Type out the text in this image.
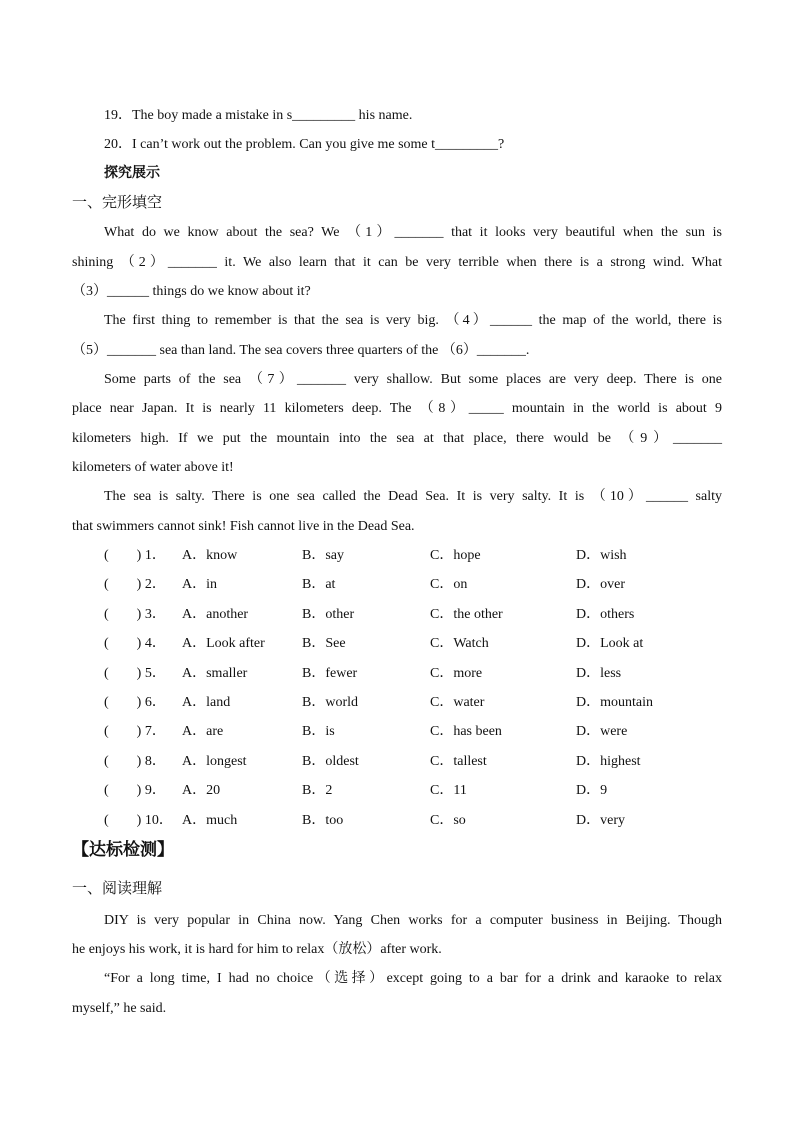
19．The boy made a mistake in s_________ his name.
20．I can’t work out the problem. Can you give me some t_________?
探究展示
一、完形填空
What do we know about the sea? We （1）_______ that it looks very beautiful when the sun is
shining （2）_______ it. We also learn that it can be very terrible when there is a strong wind. What
（3）______ things do we know about it?
The first thing to remember is that the sea is very big. （4）______ the map of the world, there is
（5）_______ sea than land. The sea covers three quarters of the （6）_______.
Some parts of the sea （7）_______ very shallow. But some places are very deep. There is one
place near Japan. It is nearly 11 kilometers deep. The （8）_____ mountain in the world is about 9
kilometers high. If we put the mountain into the sea at that place, there would be （9）_______
kilometers of water above it!
The sea is salty. There is one sea called the Dead Sea. It is very salty. It is （10）______ salty
that swimmers cannot sink! Fish cannot live in the Dead Sea.
(　　) 1． A．know	B．say	C．hope	D．wish
(　　) 2． A．in	B．at	C．on	D．over
(　　) 3． A．another	B．other	C．the other	D．others
(　　) 4． A．Look after	B．See	C．Watch	D．Look at
(　　) 5． A．smaller	B．fewer	C．more	D．less
(　　) 6． A．land	B．world	C．water	D．mountain
(　　) 7． A．are	B．is	C．has been	D．were
(　　) 8． A．longest	B．oldest	C．tallest	D．highest
(　　) 9． A．20	B．2	C．11	D．9
(　　) 10． A．much	B．too	C．so	D．very
【达标检测】
一、阅读理解
DIY is very popular in China now. Yang Chen works for a computer business in Beijing. Though
he enjoys his work, it is hard for him to relax（放松）after work.
“For a long time, I had no choice（选择）except going to a bar for a drink and karaoke to relax
myself,” he said.
